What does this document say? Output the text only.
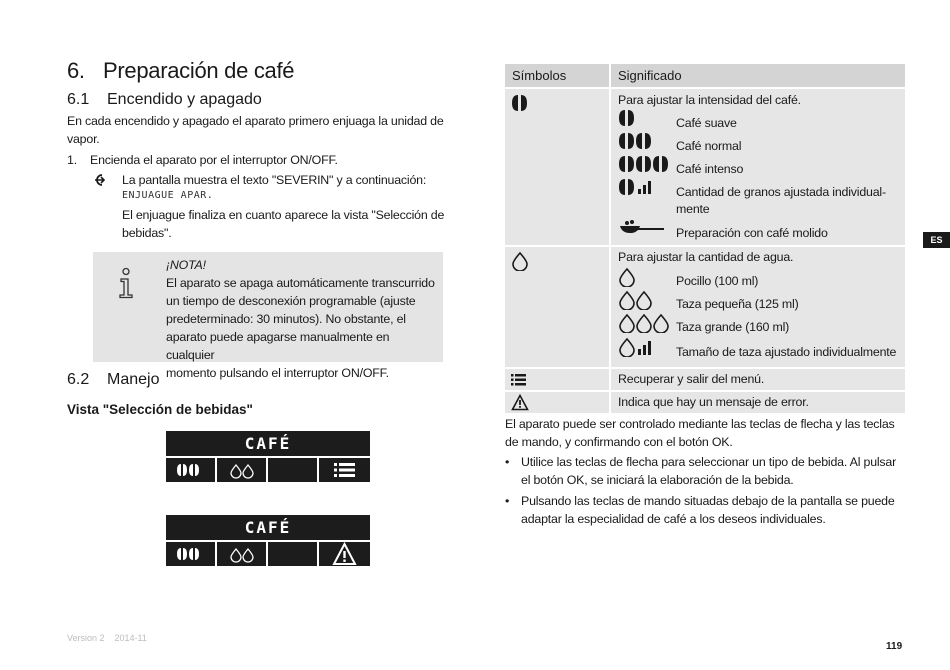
6. Preparación de café
6.1 Encendido y apagado
En cada encendido y apagado el aparato primero enjuaga la unidad de
vapor.
1. Encienda el aparato por el interruptor ON/OFF.
La pantalla muestra el texto "SEVERIN" y a continuación:
ENJUAGUE APAR.
El enjuague finaliza en cuanto aparece la vista "Selección de
bebidas".
¡NOTA!
El aparato se apaga automáticamente transcurrido
un tiempo de desconexión programable (ajuste
predeterminado: 30 minutos). No obstante, el
aparato puede apagarse manualmente en cualquier
momento pulsando el interruptor ON/OFF.
6.2 Manejo
Vista "Selección de bebidas"
CAFÉ
CAFÉ
Símbolos	Significado
Para ajustar la intensidad del café.
Café suave
Café normal
Café intenso
Cantidad de granos ajustada individual-
mente
Preparación con café molido
Para ajustar la cantidad de agua.
Pocillo (100 ml)
Taza pequeña (125 ml)
Taza grande (160 ml)
Tamaño de taza ajustado individualmente
Recuperar y salir del menú.
Indica que hay un mensaje de error.
El aparato puede ser controlado mediante las teclas de flecha y las teclas
de mando, y confirmando con el botón OK.
• Utilice las teclas de flecha para seleccionar un tipo de bebida. Al pulsar
el botón OK, se iniciará la elaboración de la bebida.
• Pulsando las teclas de mando situadas debajo de la pantalla se puede
adaptar la especialidad de café a los deseos individuales.
ES
Version 2    2014-11
119
